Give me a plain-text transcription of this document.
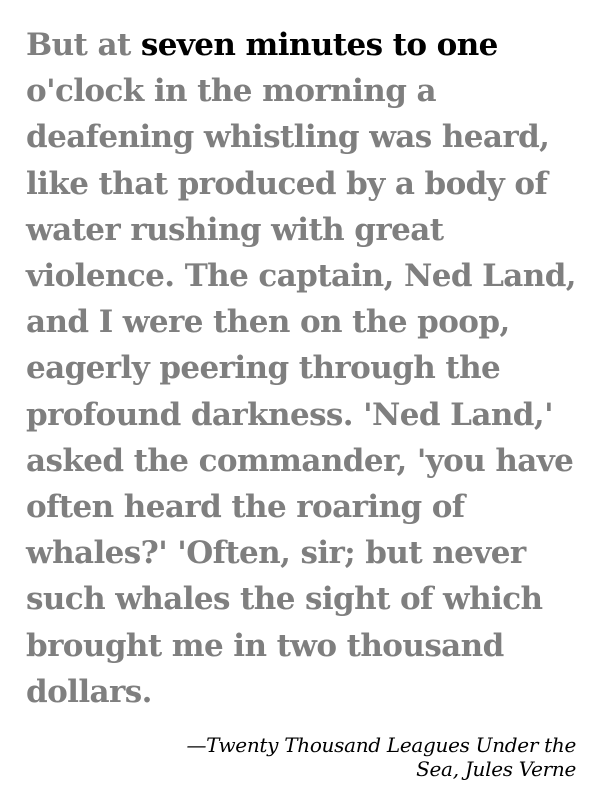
But at seven minutes to one o'clock in the morning a deafening whistling was heard, like that produced by a body of water rushing with great violence. The captain, Ned Land, and I were then on the poop, eagerly peering through the profound darkness. 'Ned Land,' asked the commander, 'you have often heard the roaring of whales?' 'Often, sir; but never such whales the sight of which brought me in two thousand dollars.

—Twenty Thousand Leagues Under the Sea, Jules Verne
